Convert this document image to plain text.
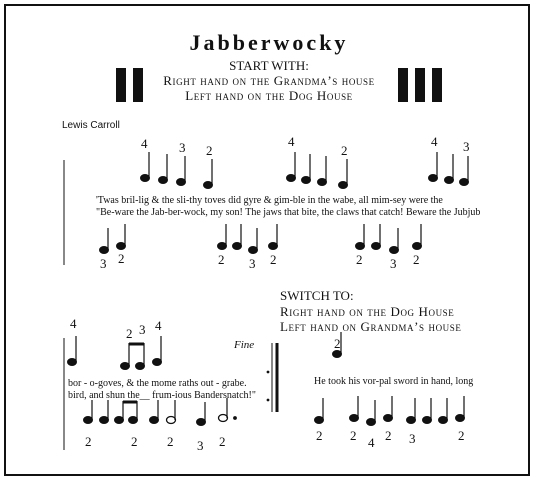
Jabberwocky
START WITH:
Right hand on the Grandma’s house
Left hand on the Dog House
Lewis Carroll
'Twas bril-lig & the sli-thy toves did gyre & gim-ble in the wabe, all mim-sey were the
"Be-ware the Jab-ber-wock, my son! The jaws that bite, the claws that catch! Beware the Jubjub
SWITCH TO:
Right hand on the Dog House
Left hand on Grandma’s house
Fine
bor - o-goves, & the mome raths out - grabe.
bird, and shun the__ frum-ious Bandersnatch!"
He took his vor-pal sword in hand, long
4 3 2
4
2
4 3
3 2	2 3 2	2 3 2
4
2 3 4
2
2	2 2 3 2	2 2 4 2 3	2
